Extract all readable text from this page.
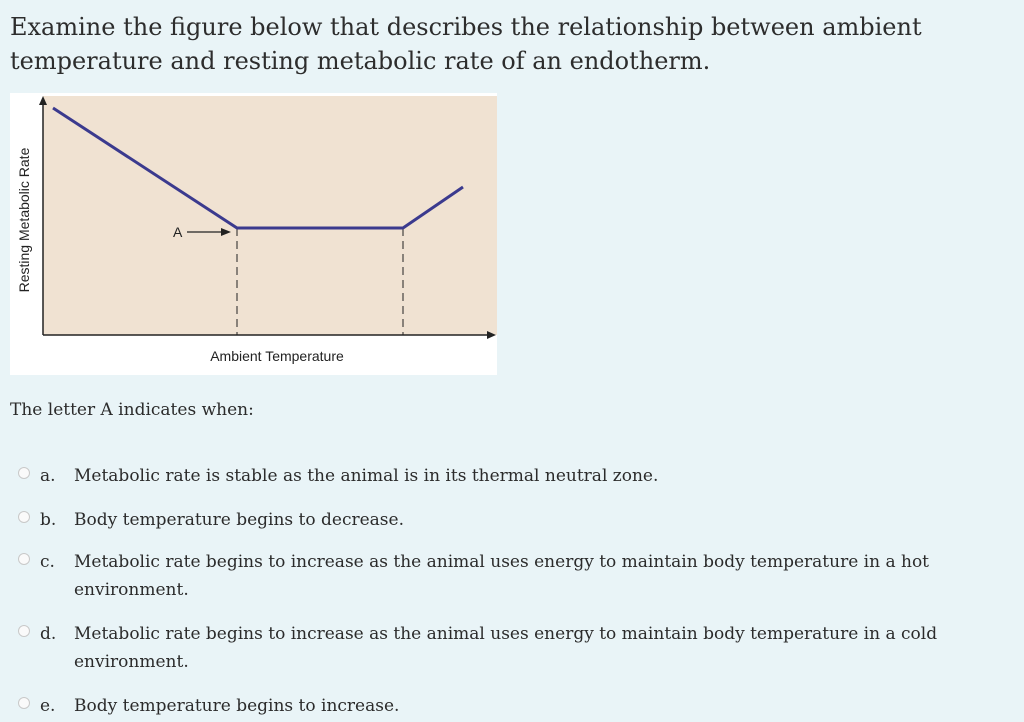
Examine the figure below that describes the relationship between ambient temperature and resting metabolic rate of an endotherm.
A
Resting Metabolic Rate
Ambient Temperature
The letter A indicates when:
a. Metabolic rate is stable as the animal is in its thermal neutral zone.
b. Body temperature begins to decrease.
c. Metabolic rate begins to increase as the animal uses energy to maintain body temperature in a hot environment.
d. Metabolic rate begins to increase as the animal uses energy to maintain body temperature in a cold environment.
e. Body temperature begins to increase.
